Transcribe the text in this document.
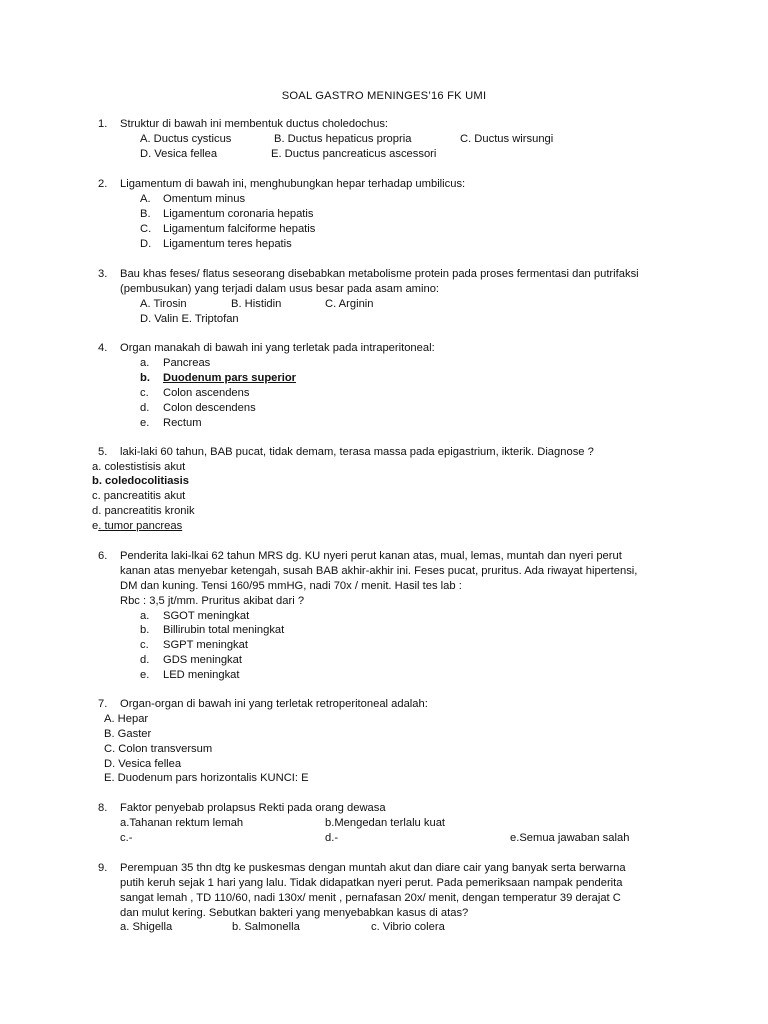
SOAL GASTRO MENINGES’16 FK UMI
1. Struktur di bawah ini membentuk ductus choledochus:
A. Ductus cysticus	B. Ductus hepaticus propria	C. Ductus wirsungi
D. Vesica fellea	E. Ductus pancreaticus ascessori
2. Ligamentum di bawah ini, menghubungkan hepar terhadap umbilicus:
A. Omentum minus
B. Ligamentum coronaria hepatis
C. Ligamentum falciforme hepatis
D. Ligamentum teres hepatis
3. Bau khas feses/ flatus seseorang disebabkan metabolisme protein pada proses fermentasi dan putrifaksi
(pembusukan) yang terjadi dalam usus besar pada asam amino:
A. Tirosin	B. Histidin	C. Arginin
D. Valin E. Triptofan
4. Organ manakah di bawah ini yang terletak pada intraperitoneal:
a. Pancreas
b. Duodenum pars superior
c. Colon ascendens
d. Colon descendens
e. Rectum
5. laki-laki 60 tahun, BAB pucat, tidak demam, terasa massa pada epigastrium, ikterik. Diagnose ?
a. colestistisis akut
b. coledocolitiasis
c. pancreatitis akut
d. pancreatitis kronik
e. tumor pancreas
6. Penderita laki-lkai 62 tahun MRS dg. KU nyeri perut kanan atas, mual, lemas, muntah dan nyeri perut
kanan atas menyebar ketengah, susah BAB akhir-akhir ini. Feses pucat, pruritus. Ada riwayat hipertensi,
DM dan kuning. Tensi 160/95 mmHG, nadi 70x / menit. Hasil tes lab :
Rbc : 3,5 jt/mm. Pruritus akibat dari ?
a. SGOT meningkat
b. Billirubin total meningkat
c. SGPT meningkat
d. GDS meningkat
e. LED meningkat
7. Organ-organ di bawah ini yang terletak retroperitoneal adalah:
A. Hepar
B. Gaster
C. Colon transversum
D. Vesica fellea
E. Duodenum pars horizontalis KUNCI: E
8. Faktor penyebab prolapsus Rekti pada orang dewasa
a.Tahanan rektum lemah	b.Mengedan terlalu kuat
c.-	d.-	e.Semua jawaban salah
9. Perempuan 35 thn dtg ke puskesmas dengan muntah akut dan diare cair yang banyak serta berwarna
putih keruh sejak 1 hari yang lalu. Tidak didapatkan nyeri perut. Pada pemeriksaan nampak penderita
sangat lemah , TD 110/60, nadi 130x/ menit , pernafasan 20x/ menit, dengan temperatur 39 derajat C
dan mulut kering. Sebutkan bakteri yang menyebabkan kasus di atas?
a. Shigella	b. Salmonella	c. Vibrio colera
